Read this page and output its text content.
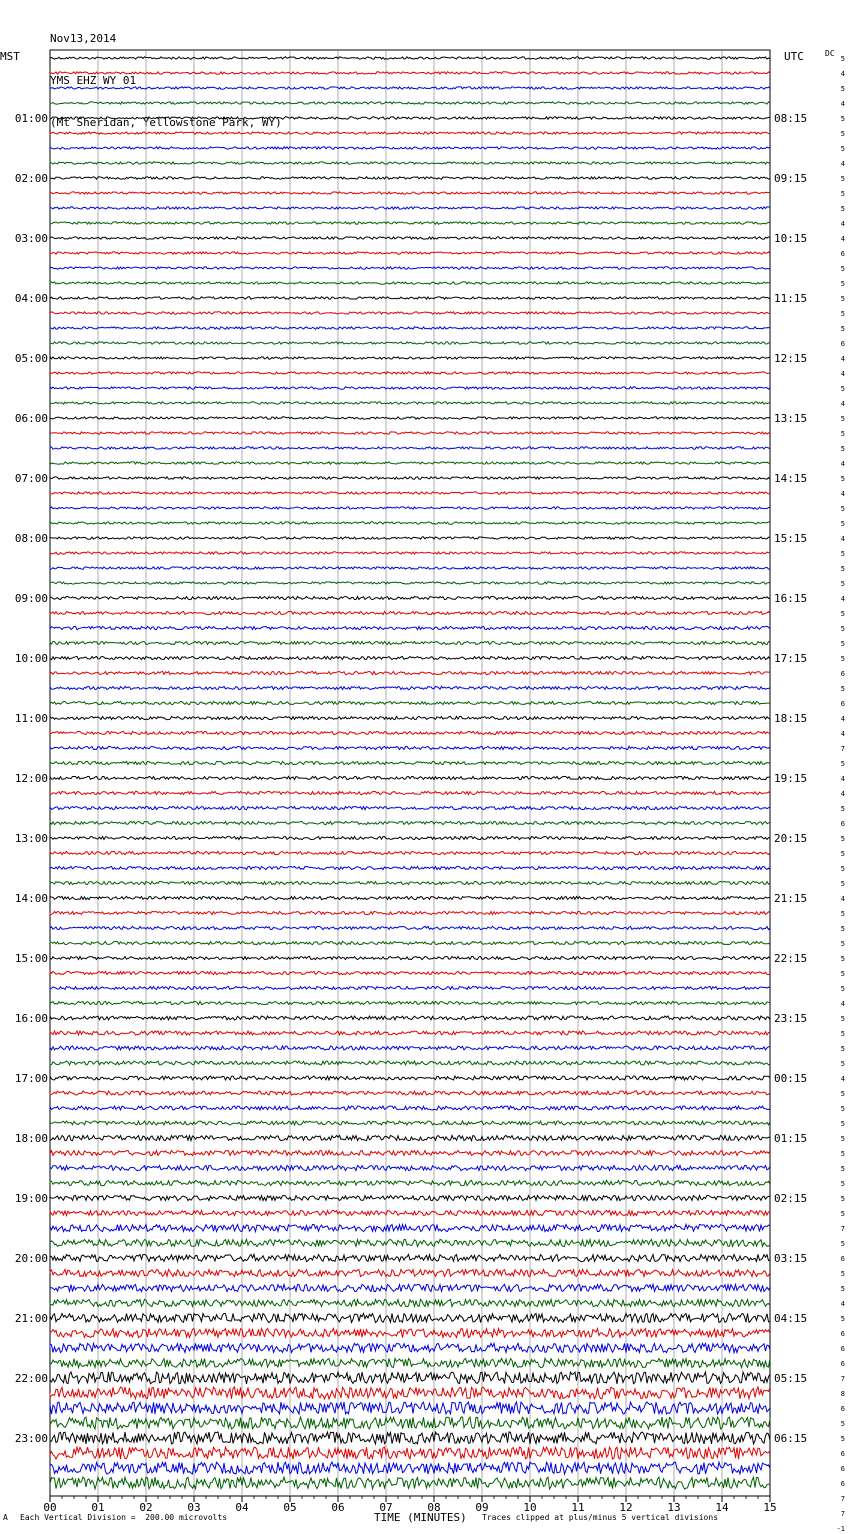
Nov13,2014

YMS EHZ WY 01

(Mt Sheridan, Yellowstone Park, WY)

MST	UTC	DC
01:00
02:00
03:00
04:00
05:00
06:00
07:00
08:00
09:00
10:00
11:00
12:00
13:00
14:00
15:00
16:00
17:00
18:00
19:00
20:00
21:00
22:00
23:00
08:15
09:15
10:15
11:15
12:15
13:15
14:15
15:15
16:15
17:15
18:15
19:15
20:15
21:15
22:15
23:15
00:15
01:15
02:15
03:15
04:15
05:15
06:15
5
4
5
4
5
5
5
4
5
5
5
4
4
6
5
5
5
5
5
6
4
4
5
4
5
5
5
4
5
4
5
5
4
5
5
5
4
5
5
5
5
6
5
6
4
4
7
5
4
4
5
6
5
5
5
5
4
5
5
5
5
5
5
4
5
5
5
5
4
5
5
5
5
5
5
5
5
5
7
5
6
5
5
4
5
6
6
6
7
8
6
5
5
6
6
6
7
7
-1
00	01	02	03	04	05	06	07	08	09	10	11	12	13	14	15
A Each Vertical Division =  200.00 microvolts	TIME (MINUTES) Traces clipped at plus/minus 5 vertical divisions
